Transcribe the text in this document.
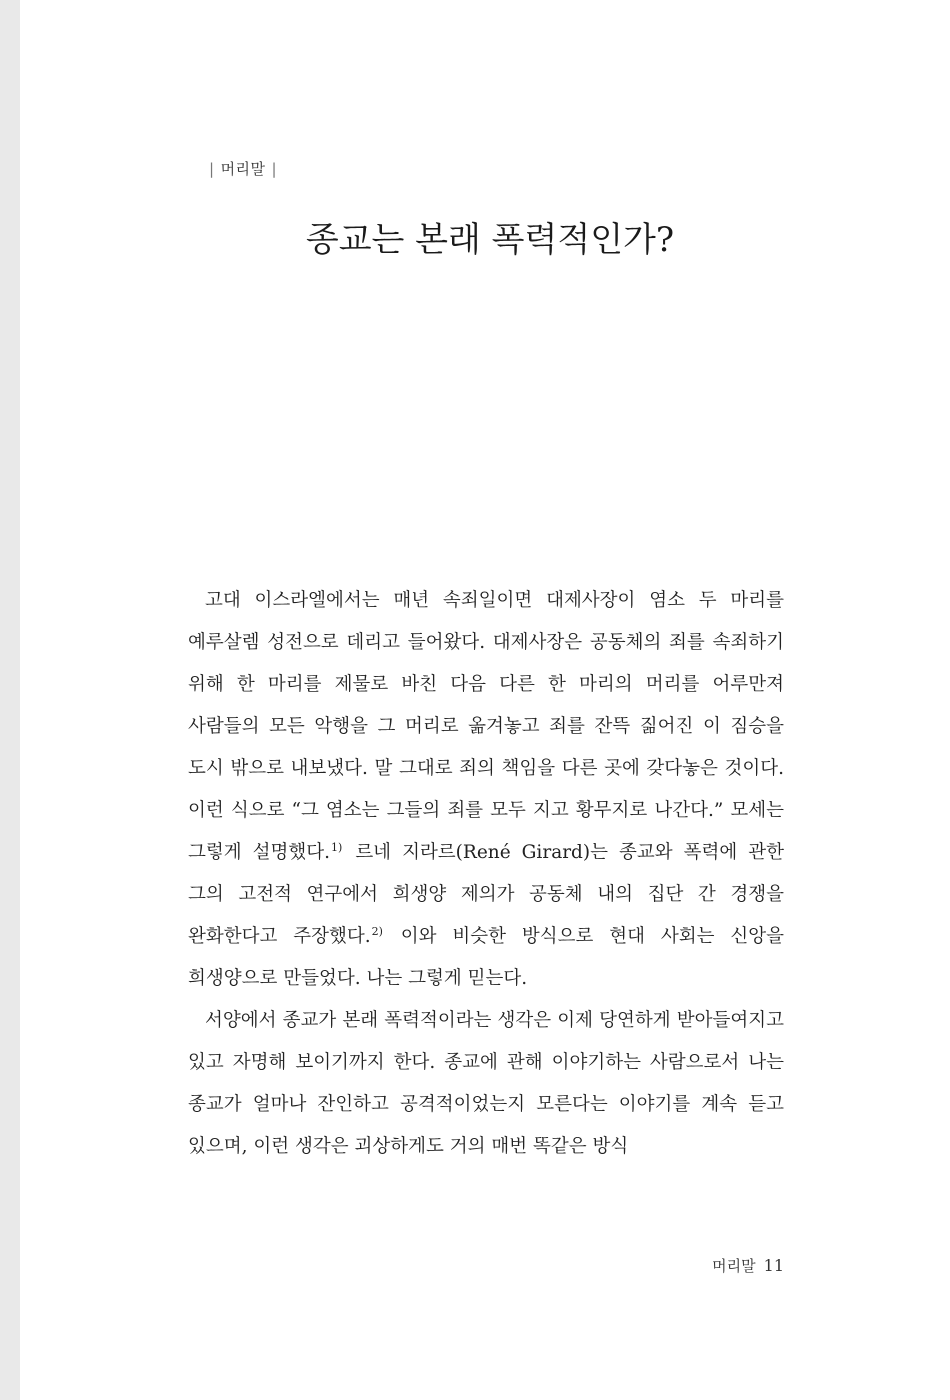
| 머리말 |
종교는 본래 폭력적인가?

고대 이스라엘에서는 매년 속죄일이면 대제사장이 염소 두 마리를 예루살렘 성전으로 데리고 들어왔다. 대제사장은 공동체의 죄를 속죄하기 위해 한 마리를 제물로 바친 다음 다른 한 마리의 머리를 어루만져 사람들의 모든 악행을 그 머리로 옮겨놓고 죄를 잔뜩 짊어진 이 짐승을 도시 밖으로 내보냈다. 말 그대로 죄의 책임을 다른 곳에 갖다놓은 것이다. 이런 식으로 “그 염소는 그들의 죄를 모두 지고 황무지로 나간다.” 모세는 그렇게 설명했다.$^{1)}$ 르네 지라르(René Girard)는 종교와 폭력에 관한 그의 고전적 연구에서 희생양 제의가 공동체 내의 집단 간 경쟁을 완화한다고 주장했다.$^{2)}$ 이와 비슷한 방식으로 현대 사회는 신앙을 희생양으로 만들었다. 나는 그렇게 믿는다.

서양에서 종교가 본래 폭력적이라는 생각은 이제 당연하게 받아들여지고 있고 자명해 보이기까지 한다. 종교에 관해 이야기하는 사람으로서 나는 종교가 얼마나 잔인하고 공격적이었는지 모른다는 이야기를 계속 듣고 있으며, 이런 생각은 괴상하게도 거의 매번 똑같은 방식

머리말 11
